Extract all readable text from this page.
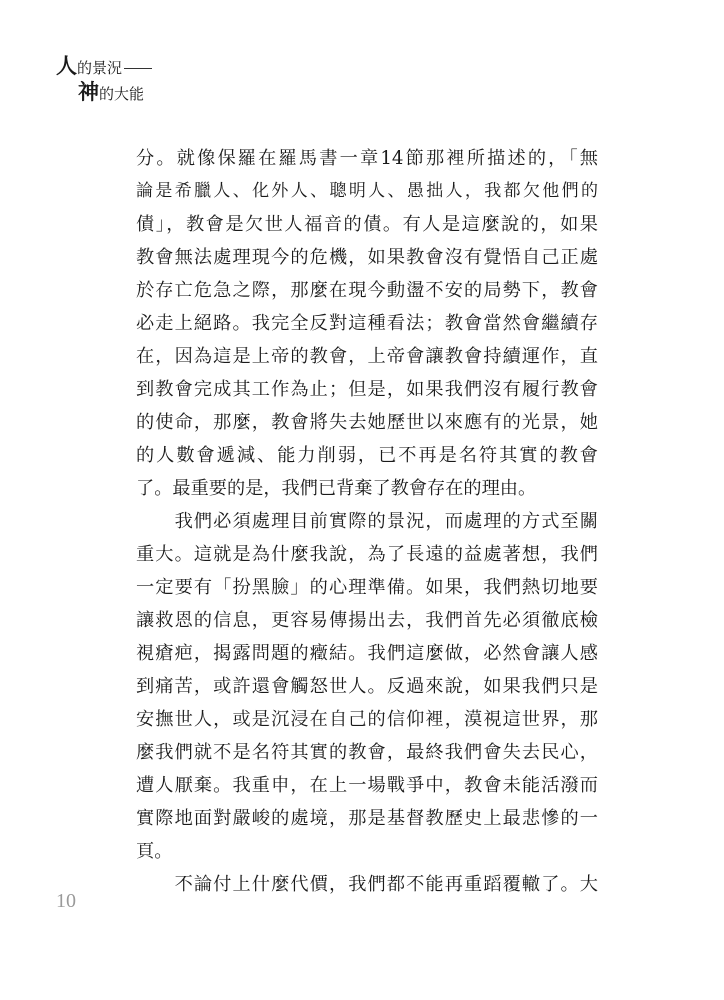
人的景況
神的大能
分。就像保羅在羅馬書一章14節那裡所描述的，「無
論是希臘人、化外人、聰明人、愚拙人，我都欠他們的
債」，教會是欠世人福音的債。有人是這麼說的，如果
教會無法處理現今的危機，如果教會沒有覺悟自己正處
於存亡危急之際，那麼在現今動盪不安的局勢下，教會
必走上絕路。我完全反對這種看法；教會當然會繼續存
在，因為這是上帝的教會，上帝會讓教會持續運作，直
到教會完成其工作為止；但是，如果我們沒有履行教會
的使命，那麼，教會將失去她歷世以來應有的光景，她
的人數會遞減、能力削弱，已不再是名符其實的教會
了。最重要的是，我們已背棄了教會存在的理由。
　　我們必須處理目前實際的景況，而處理的方式至關
重大。這就是為什麼我說，為了長遠的益處著想，我們
一定要有「扮黑臉」的心理準備。如果，我們熱切地要
讓救恩的信息，更容易傳揚出去，我們首先必須徹底檢
視瘡疤，揭露問題的癥結。我們這麼做，必然會讓人感
到痛苦，或許還會觸怒世人。反過來說，如果我們只是
安撫世人，或是沉浸在自己的信仰裡，漠視這世界，那
麼我們就不是名符其實的教會，最終我們會失去民心，
遭人厭棄。我重申，在上一場戰爭中，教會未能活潑而
實際地面對嚴峻的處境，那是基督教歷史上最悲慘的一
頁。
　　不論付上什麼代價，我們都不能再重蹈覆轍了。大
10
